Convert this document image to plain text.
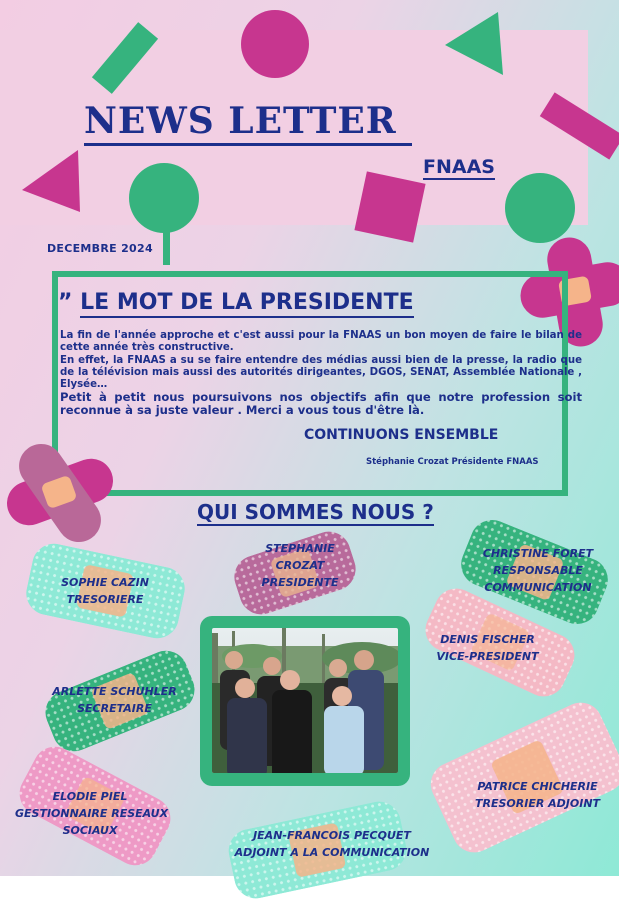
NEWS LETTER
FNAAS
DECEMBRE 2024
” LE MOT DE LA PRESIDENTE

La fin de l'année approche et c'est aussi pour la FNAAS un bon moyen de faire le bilan de cette année très constructive.

En effet, la FNAAS a su se faire entendre des médias aussi bien de la presse, la radio que de la télévision mais aussi des autorités dirigeantes, DGOS, SENAT, Assemblée Nationale , Elysée…

Petit à petit nous poursuivons nos objectifs afin que notre profession soit reconnue à sa juste valeur . Merci a vous tous d'être là.

CONTINUONS ENSEMBLE
Stéphanie Crozat Présidente FNAAS
QUI SOMMES NOUS ?
SOPHIE CAZIN
TRESORIERE
STEPHANIE
CROZAT
PRESIDENTE
CHRISTINE FORET
RESPONSABLE
COMMUNICATION
DENIS FISCHER
VICE-PRESIDENT
ARLETTE SCHUHLER
SECRETAIRE
ELODIE PIEL
GESTIONNAIRE RESEAUX
SOCIAUX
PATRICE CHICHERIE
TRESORIER ADJOINT
JEAN-FRANCOIS PECQUET
ADJOINT A LA COMMUNICATION
